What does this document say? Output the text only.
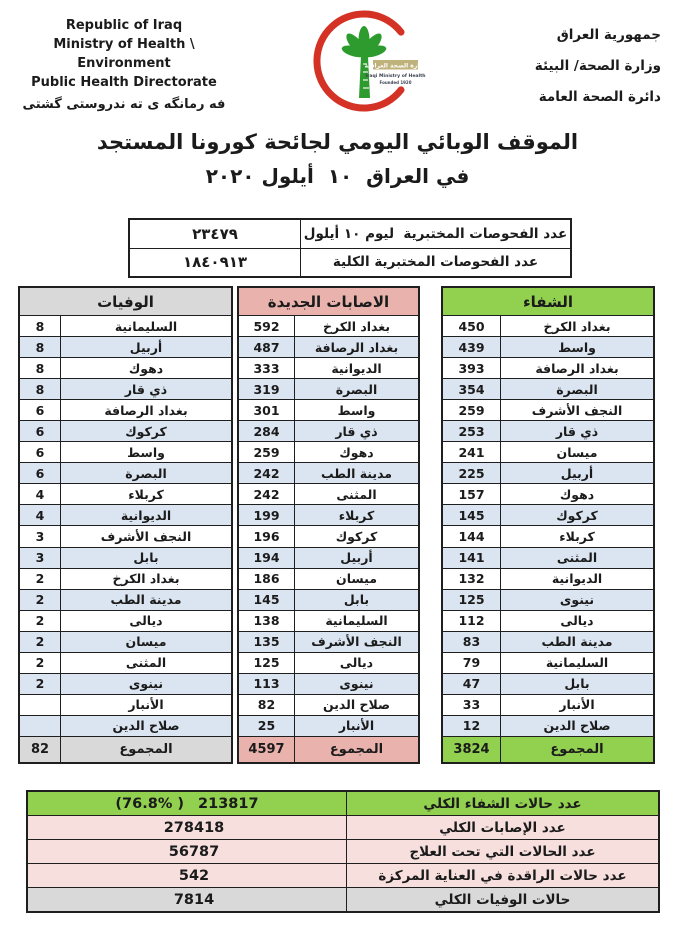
Republic of Iraq
Ministry of Health \ Environment
Public Health Directorate
فه رمانگه ى ته ندروستى گشتى
وزارة الصحة العراقية
Iraqi Ministry of Health
Founded 1920
جمهورية العراق
وزارة الصحة/ البيئة
دائرة الصحة العامة
الموقف الوبائي اليومي لجائحة كورونا المستجد
في العراق  ١٠  أيلول ٢٠٢٠
٢٣٤٧٩	عدد الفحوصات المختبرية  ليوم ١٠ أيلول
١٨٤٠٩١٣	عدد الفحوصات المختبرية الكلية
الوفيات
8	السليمانية
8	أربيل
8	دهوك
8	ذي قار
6	بغداد الرصافة
6	كركوك
6	واسط
6	البصرة
4	كربلاء
4	الديوانية
3	النجف الأشرف
3	بابل
2	بغداد الكرخ
2	مدينة الطب
2	ديالى
2	ميسان
2	المثنى
2	نينوى
الأنبار
صلاح الدين
82	المجموع
الاصابات الجديدة
592	بغداد الكرخ
487	بغداد الرصافة
333	الديوانية
319	البصرة
301	واسط
284	ذي قار
259	دهوك
242	مدينة الطب
242	المثنى
199	كربلاء
196	كركوك
194	أربيل
186	ميسان
145	بابل
138	السليمانية
135	النجف الأشرف
125	ديالى
113	نينوى
82	صلاح الدين
25	الأنبار
4597	المجموع
الشفاء
450	بغداد الكرخ
439	واسط
393	بغداد الرصافة
354	البصرة
259	النجف الأشرف
253	ذي قار
241	ميسان
225	أربيل
157	دهوك
145	كركوك
144	كربلاء
141	المثنى
132	الديوانية
125	نينوى
112	ديالى
83	مدينة الطب
79	السليمانية
47	بابل
33	الأنبار
12	صلاح الدين
3824	المجموع
(76.8% ) 213817	عدد حالات الشفاء الكلي
278418	عدد الإصابات الكلي
56787	عدد الحالات التي تحت العلاج
542	عدد حالات الراقدة في العناية المركزة
7814	حالات الوفيات الكلي
